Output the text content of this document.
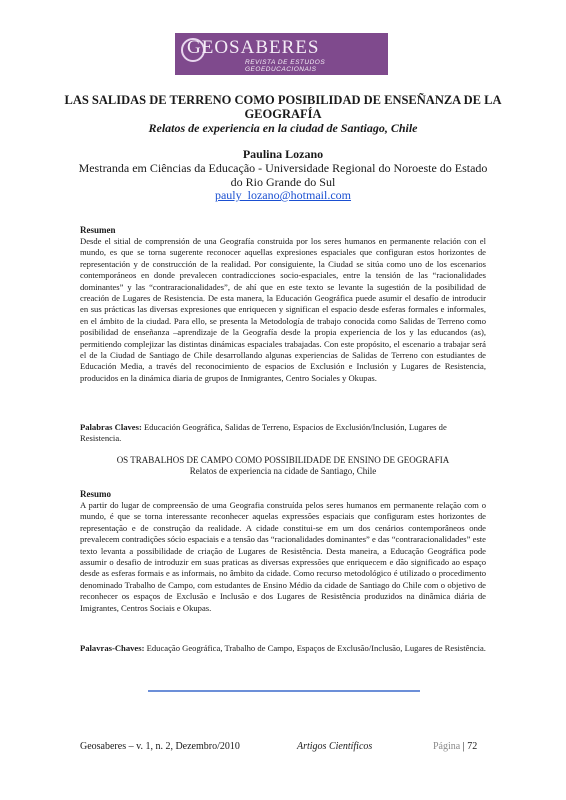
GEOSABERES
REVISTA DE ESTUDOS
GEOEDUCACIONAIS
LAS SALIDAS DE TERRENO COMO POSIBILIDAD DE ENSEÑANZA DE LA GEOGRAFÍA
Relatos de experiencia en la ciudad de Santiago, Chile
Paulina Lozano
Mestranda em Ciências da Educação - Universidade Regional do Noroeste do Estado do Rio Grande do Sul
pauly_lozano@hotmail.com
Resumen

Desde el sitial de comprensión de una Geografía construida por los seres humanos en permanente relación con el mundo, es que se torna sugerente reconocer aquellas expresiones espaciales que configuran estos horizontes de representación y de construcción de la realidad. Por consiguiente, la Ciudad se sitúa como uno de los escenarios contemporáneos en donde prevalecen contradicciones socio-espaciales, entre la tensión de las “racionalidades dominantes” y las “contraracionalidades”, de ahí que en este texto se levante la sugestión de la posibilidad de creación de Lugares de Resistencia. De esta manera, la Educación Geográfica puede asumir el desafío de introducir en sus prácticas las diversas expresiones que enriquecen y significan el espacio desde esferas formales e informales, en el ámbito de la ciudad. Para ello, se presenta la Metodología de trabajo conocida como Salidas de Terreno como posibilidad de enseñanza –aprendizaje de la Geografía desde la propia experiencia de los y las educandos (as), permitiendo complejizar las distintas dinámicas espaciales trabajadas. Con este propósito, el escenario a trabajar será el de la Ciudad de Santiago de Chile desarrollando algunas experiencias de Salidas de Terreno con estudiantes de Educación Media, a través del reconocimiento de espacios de Exclusión e Inclusión y Lugares de Resistencia, producidos en la dinámica diaria de grupos de Inmigrantes, Centro Sociales y Okupas.

Palabras Claves: Educación Geográfica, Salidas de Terreno, Espacios de Exclusión/Inclusión, Lugares de Resistencia.

OS TRABALHOS DE CAMPO COMO POSSIBILIDADE DE ENSINO DE GEOGRAFIA
Relatos de experiencia na cidade de Santiago, Chile
Resumo

A partir do lugar de compreensão de uma Geografia construída pelos seres humanos em permanente relação com o mundo, é que se torna interessante reconhecer aquelas expressões espaciais que configuram estes horizontes de representação e de construção da realidade. A cidade constitui-se em um dos cenários contemporâneos onde prevalecem contradições sócio espaciais e a tensão das “racionalidades dominantes” e das “contraracionalidades” este texto levanta a possibilidade de criação de Lugares de Resistência. Desta maneira, a Educação Geográfica pode assumir o desafio de introduzir em suas praticas as diversas expressões que enriquecem e dão significado ao espaço desde as esferas formais e as informais, no âmbito da cidade. Como recurso metodológico é utilizado o procedimento denominado Trabalho de Campo, com estudantes de Ensino Médio da cidade de Santiago do Chile com o objetivo de reconhecer os espaços de Exclusão e Inclusão e dos Lugares de Resistência produzidos na dinâmica diária de Imigrantes, Centros Sociais e Okupas.

Palavras-Chaves: Educação Geográfica, Trabalho de Campo, Espaços de Exclusão/Inclusão, Lugares de Resistência.

Geosaberes – v. 1, n. 2, Dezembro/2010	Artigos Científicos	Página | 72
